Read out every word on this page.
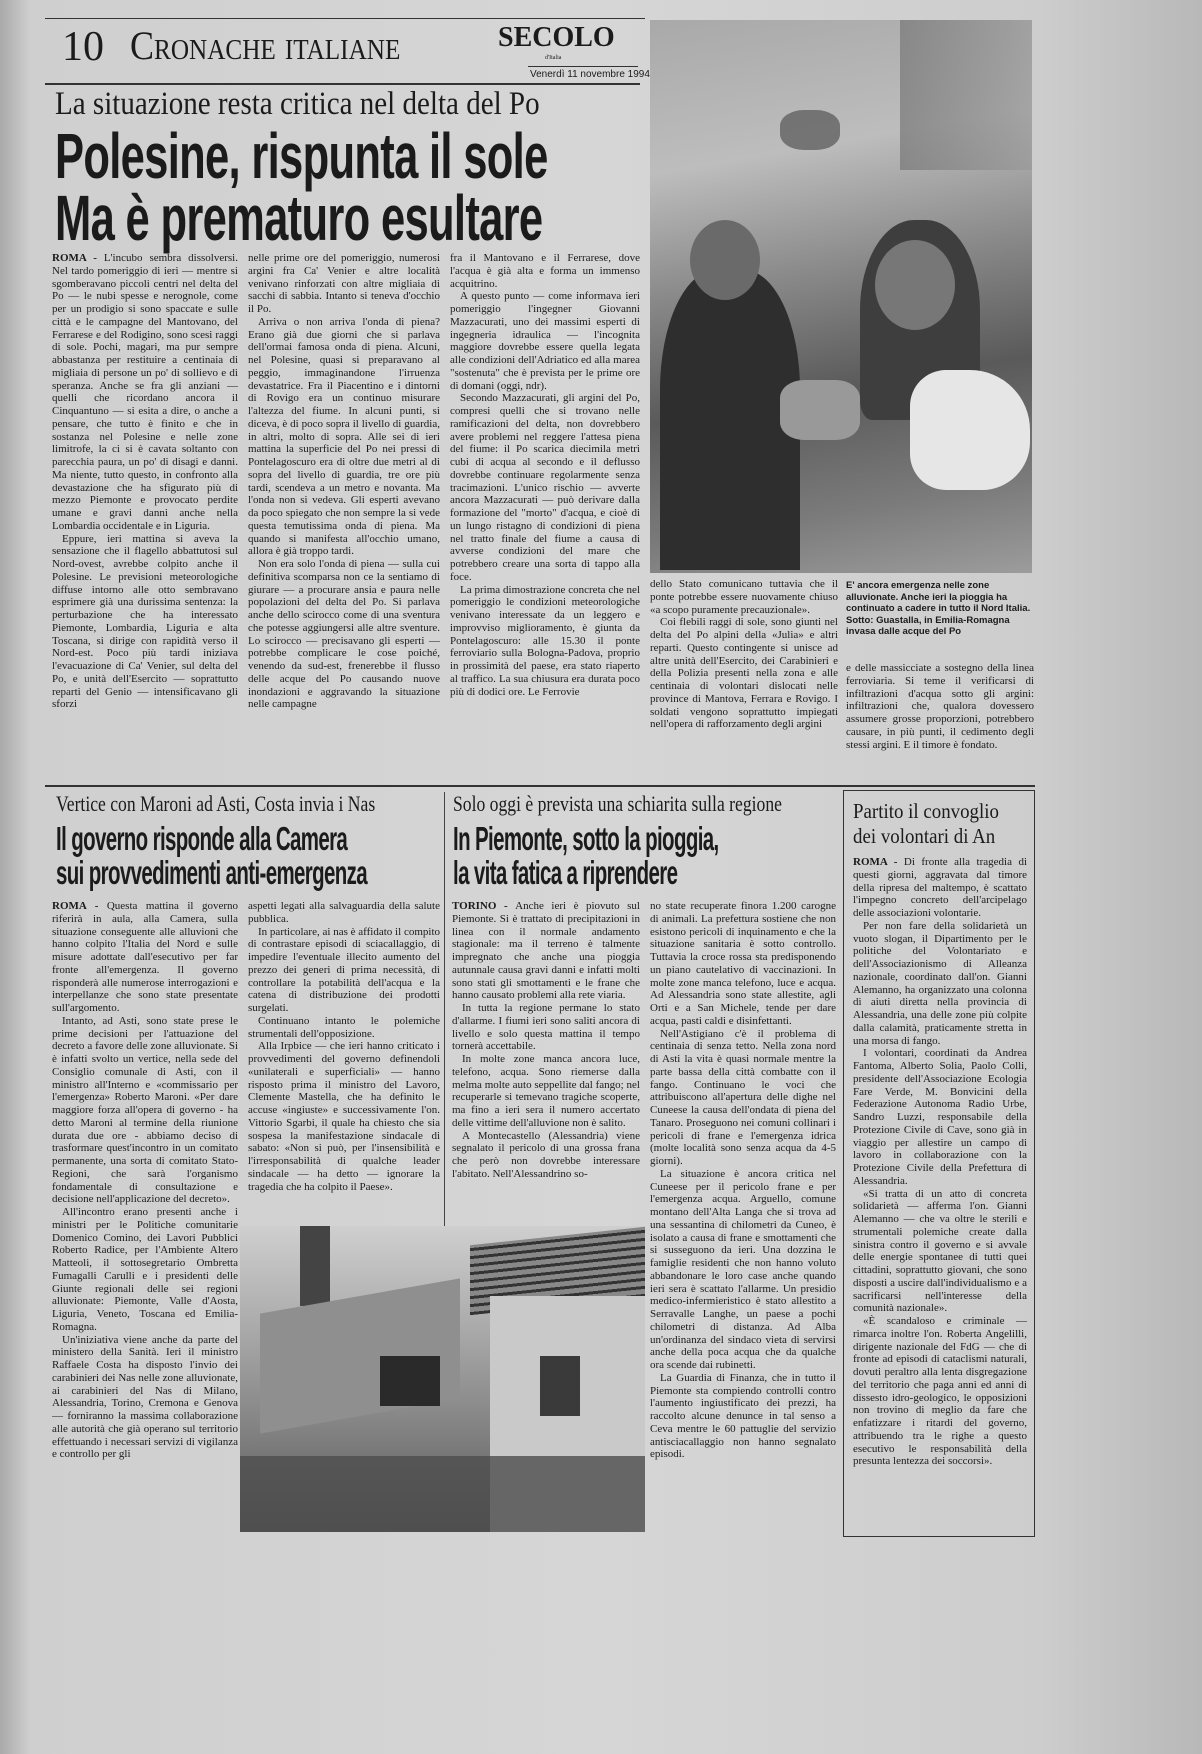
10 Cronache italiane	SECOLO
d'Italia
Venerdì 11 novembre 1994
La situazione resta critica nel delta del Po
Polesine, rispunta il sole
Ma è prematuro esultare

ROMA - L'incubo sembra dissolversi. Nel tardo pomeriggio di ieri — mentre si sgomberavano piccoli centri nel delta del Po — le nubi spesse e nerognole, come per un prodigio si sono spaccate e sulle città e le campagne del Mantovano, del Ferrarese e del Rodigino, sono scesi raggi di sole. Pochi, magari, ma pur sempre abbastanza per restituire a centinaia di migliaia di persone un po' di sollievo e di speranza. Anche se fra gli anziani — quelli che ricordano ancora il Cinquantuno — si esita a dire, o anche a pensare, che tutto è finito e che in sostanza nel Polesine e nelle zone limitrofe, la ci si è cavata soltanto con parecchia paura, un po' di disagi e danni. Ma niente, tutto questo, in confronto alla devastazione che ha sfigurato più di mezzo Piemonte e provocato perdite umane e gravi danni anche nella Lombardia occidentale e in Liguria.

Eppure, ieri mattina si aveva la sensazione che il flagello abbattutosi sul Nord-ovest, avrebbe colpito anche il Polesine. Le previsioni meteorologiche diffuse intorno alle otto sembravano esprimere già una durissima sentenza: la perturbazione che ha interessato Piemonte, Lombardia, Liguria e alta Toscana, si dirige con rapidità verso il Nord-est. Poco più tardi iniziava l'evacuazione di Ca' Venier, sul delta del Po, e unità dell'Esercito — soprattutto reparti del Genio — intensificavano gli sforzi

nelle prime ore del pomeriggio, numerosi argini fra Ca' Venier e altre località venivano rinforzati con altre migliaia di sacchi di sabbia. Intanto si teneva d'occhio il Po.

Arriva o non arriva l'onda di piena? Erano già due giorni che si parlava dell'ormai famosa onda di piena. Alcuni, nel Polesine, quasi si preparavano al peggio, immaginandone l'irruenza devastatrice. Fra il Piacentino e i dintorni di Rovigo era un continuo misurare l'altezza del fiume. In alcuni punti, si diceva, è di poco sopra il livello di guardia, in altri, molto di sopra. Alle sei di ieri mattina la superficie del Po nei pressi di Pontelagoscuro era di oltre due metri al di sopra del livello di guardia, tre ore più tardi, scendeva a un metro e novanta. Ma l'onda non si vedeva. Gli esperti avevano da poco spiegato che non sempre la si vede questa temutissima onda di piena. Ma quando si manifesta all'occhio umano, allora è già troppo tardi.

Non era solo l'onda di piena — sulla cui definitiva scomparsa non ce la sentiamo di giurare — a procurare ansia e paura nelle popolazioni del delta del Po. Si parlava anche dello scirocco come di una sventura che potesse aggiungersi alle altre sventure. Lo scirocco — precisavano gli esperti — potrebbe complicare le cose poiché, venendo da sud-est, frenerebbe il flusso delle acque del Po causando nuove inondazioni e aggravando la situazione nelle campagne

fra il Mantovano e il Ferrarese, dove l'acqua è già alta e forma un immenso acquitrino.

A questo punto — come informava ieri pomeriggio l'ingegner Giovanni Mazzacurati, uno dei massimi esperti di ingegneria idraulica — l'incognita maggiore dovrebbe essere quella legata alle condizioni dell'Adriatico ed alla marea "sostenuta" che è prevista per le prime ore di domani (oggi, ndr).

Secondo Mazzacurati, gli argini del Po, compresi quelli che si trovano nelle ramificazioni del delta, non dovrebbero avere problemi nel reggere l'attesa piena del fiume: il Po scarica diecimila metri cubi di acqua al secondo e il deflusso dovrebbe continuare regolarmente senza tracimazioni. L'unico rischio — avverte ancora Mazzacurati — può derivare dalla formazione del "morto" d'acqua, e cioè di un lungo ristagno di condizioni di piena nel tratto finale del fiume a causa di avverse condizioni del mare che potrebbero creare una sorta di tappo alla foce.

La prima dimostrazione concreta che nel pomeriggio le condizioni meteorologiche venivano interessate da un leggero e improvviso miglioramento, è giunta da Pontelagoscuro: alle 15.30 il ponte ferroviario sulla Bologna-Padova, proprio in prossimità del paese, era stato riaperto al traffico. La sua chiusura era durata poco più di dodici ore. Le Ferrovie

dello Stato comunicano tuttavia che il ponte potrebbe essere nuovamente chiuso «a scopo puramente precauzionale».

Coi flebili raggi di sole, sono giunti nel delta del Po alpini della «Julia» e altri reparti. Questo contingente si unisce ad altre unità dell'Esercito, dei Carabinieri e della Polizia presenti nella zona e alle centinaia di volontari dislocati nelle province di Mantova, Ferrara e Rovigo. I soldati vengono soprattutto impiegati nell'opera di rafforzamento degli argini

E' ancora emergenza nelle zone alluvionate. Anche ieri la pioggia ha continuato a cadere in tutto il Nord Italia. Sotto: Guastalla, in Emilia-Romagna invasa dalle acque del Po

e delle massicciate a sostegno della linea ferroviaria. Si teme il verificarsi di infiltrazioni d'acqua sotto gli argini: infiltrazioni che, qualora dovessero assumere grosse proporzioni, potrebbero causare, in più punti, il cedimento degli stessi argini. E il timore è fondato.

Vertice con Maroni ad Asti, Costa invia i Nas
Il governo risponde alla Camera
sui provvedimenti anti-emergenza

ROMA - Questa mattina il governo riferirà in aula, alla Camera, sulla situazione conseguente alle alluvioni che hanno colpito l'Italia del Nord e sulle misure adottate dall'esecutivo per far fronte all'emergenza. Il governo risponderà alle numerose interrogazioni e interpellanze che sono state presentate sull'argomento.

Intanto, ad Asti, sono state prese le prime decisioni per l'attuazione del decreto a favore delle zone alluvionate. Si è infatti svolto un vertice, nella sede del Consiglio comunale di Asti, con il ministro all'Interno e «commissario per l'emergenza» Roberto Maroni. «Per dare maggiore forza all'opera di governo - ha detto Maroni al termine della riunione durata due ore - abbiamo deciso di trasformare quest'incontro in un comitato permanente, una sorta di comitato Stato-Regioni, che sarà l'organismo fondamentale di consultazione e decisione nell'applicazione del decreto».

All'incontro erano presenti anche i ministri per le Politiche comunitarie Domenico Comino, dei Lavori Pubblici Roberto Radice, per l'Ambiente Altero Matteoli, il sottosegretario Ombretta Fumagalli Carulli e i presidenti delle Giunte regionali delle sei regioni alluvionate: Piemonte, Valle d'Aosta, Liguria, Veneto, Toscana ed Emilia-Romagna.

Un'iniziativa viene anche da parte del ministero della Sanità. Ieri il ministro Raffaele Costa ha disposto l'invio dei carabinieri dei Nas nelle zone alluvionate, ai carabinieri del Nas di Milano, Alessandria, Torino, Cremona e Genova — forniranno la massima collaborazione alle autorità che già operano sul territorio effettuando i necessari servizi di vigilanza e controllo per gli

aspetti legati alla salvaguardia della salute pubblica.

In particolare, ai nas è affidato il compito di contrastare episodi di sciacallaggio, di impedire l'eventuale illecito aumento del prezzo dei generi di prima necessità, di controllare la potabilità dell'acqua e la catena di distribuzione dei prodotti surgelati.

Continuano intanto le polemiche strumentali dell'opposizione.

Alla Irpbice — che ieri hanno criticato i provvedimenti del governo definendoli «unilaterali e superficiali» — hanno risposto prima il ministro del Lavoro, Clemente Mastella, che ha definito le accuse «ingiuste» e successivamente l'on. Vittorio Sgarbi, il quale ha chiesto che sia sospesa la manifestazione sindacale di sabato: «Non si può, per l'insensibilità e l'irresponsabilità di qualche leader sindacale — ha detto — ignorare la tragedia che ha colpito il Paese».

Solo oggi è prevista una schiarita sulla regione
In Piemonte, sotto la pioggia,
la vita fatica a riprendere

TORINO - Anche ieri è piovuto sul Piemonte. Si è trattato di precipitazioni in linea con il normale andamento stagionale: ma il terreno è talmente impregnato che anche una pioggia autunnale causa gravi danni e infatti molti sono stati gli smottamenti e le frane che hanno causato problemi alla rete viaria.

In tutta la regione permane lo stato d'allarme. I fiumi ieri sono saliti ancora di livello e solo questa mattina il tempo tornerà accettabile.

In molte zone manca ancora luce, telefono, acqua. Sono riemerse dalla melma molte auto seppellite dal fango; nel recuperarle si temevano tragiche scoperte, ma fino a ieri sera il numero accertato delle vittime dell'alluvione non è salito.

A Montecastello (Alessandria) viene segnalato il pericolo di una grossa frana che però non dovrebbe interessare l'abitato. Nell'Alessandrino so-

no state recuperate finora 1.200 carogne di animali. La prefettura sostiene che non esistono pericoli di inquinamento e che la situazione sanitaria è sotto controllo. Tuttavia la croce rossa sta predisponendo un piano cautelativo di vaccinazioni. In molte zone manca telefono, luce e acqua. Ad Alessandria sono state allestite, agli Orti e a San Michele, tende per dare acqua, pasti caldi e disinfettanti.

Nell'Astigiano c'è il problema di centinaia di senza tetto. Nella zona nord di Asti la vita è quasi normale mentre la parte bassa della città combatte con il fango. Continuano le voci che attribuiscono all'apertura delle dighe nel Cuneese la causa dell'ondata di piena del Tanaro. Proseguono nei comuni collinari i pericoli di frane e l'emergenza idrica (molte località sono senza acqua da 4-5 giorni).

La situazione è ancora critica nel Cuneese per il pericolo frane e per l'emergenza acqua. Arguello, comune montano dell'Alta Langa che si trova ad una sessantina di chilometri da Cuneo, è isolato a causa di frane e smottamenti che si susseguono da ieri. Una dozzina le famiglie residenti che non hanno voluto abbandonare le loro case anche quando ieri sera è scattato l'allarme. Un presidio medico-infermieristico è stato allestito a Serravalle Langhe, un paese a pochi chilometri di distanza. Ad Alba un'ordinanza del sindaco vieta di servirsi anche della poca acqua che da qualche ora scende dai rubinetti.

La Guardia di Finanza, che in tutto il Piemonte sta compiendo controlli contro l'aumento ingiustificato dei prezzi, ha raccolto alcune denunce in tal senso a Ceva mentre le 60 pattuglie del servizio antisciacallaggio non hanno segnalato episodi.

Partito il convoglio
dei volontari di An

ROMA - Di fronte alla tragedia di questi giorni, aggravata dal timore della ripresa del maltempo, è scattato l'impegno concreto dell'arcipelago delle associazioni volontarie.

Per non fare della solidarietà un vuoto slogan, il Dipartimento per le politiche del Volontariato e dell'Associazionismo di Alleanza nazionale, coordinato dall'on. Gianni Alemanno, ha organizzato una colonna di aiuti diretta nella provincia di Alessandria, una delle zone più colpite dalla calamità, praticamente stretta in una morsa di fango.

I volontari, coordinati da Andrea Fantoma, Alberto Solia, Paolo Colli, presidente dell'Associazione Ecologia Fare Verde, M. Bonvicini della Federazione Autonoma Radio Urbe, Sandro Luzzi, responsabile della Protezione Civile di Cave, sono già in viaggio per allestire un campo di lavoro in collaborazione con la Protezione Civile della Prefettura di Alessandria.

«Si tratta di un atto di concreta solidarietà — afferma l'on. Gianni Alemanno — che va oltre le sterili e strumentali polemiche create dalla sinistra contro il governo e si avvale delle energie spontanee di tutti quei cittadini, soprattutto giovani, che sono disposti a uscire dall'individualismo e a sacrificarsi nell'interesse della comunità nazionale».

«È scandaloso e criminale — rimarca inoltre l'on. Roberta Angelilli, dirigente nazionale del FdG — che di fronte ad episodi di cataclismi naturali, dovuti peraltro alla lenta disgregazione del territorio che paga anni ed anni di dissesto idro-geologico, le opposizioni non trovino di meglio da fare che enfatizzare i ritardi del governo, attribuendo tra le righe a questo esecutivo le responsabilità della presunta lentezza dei soccorsi».
